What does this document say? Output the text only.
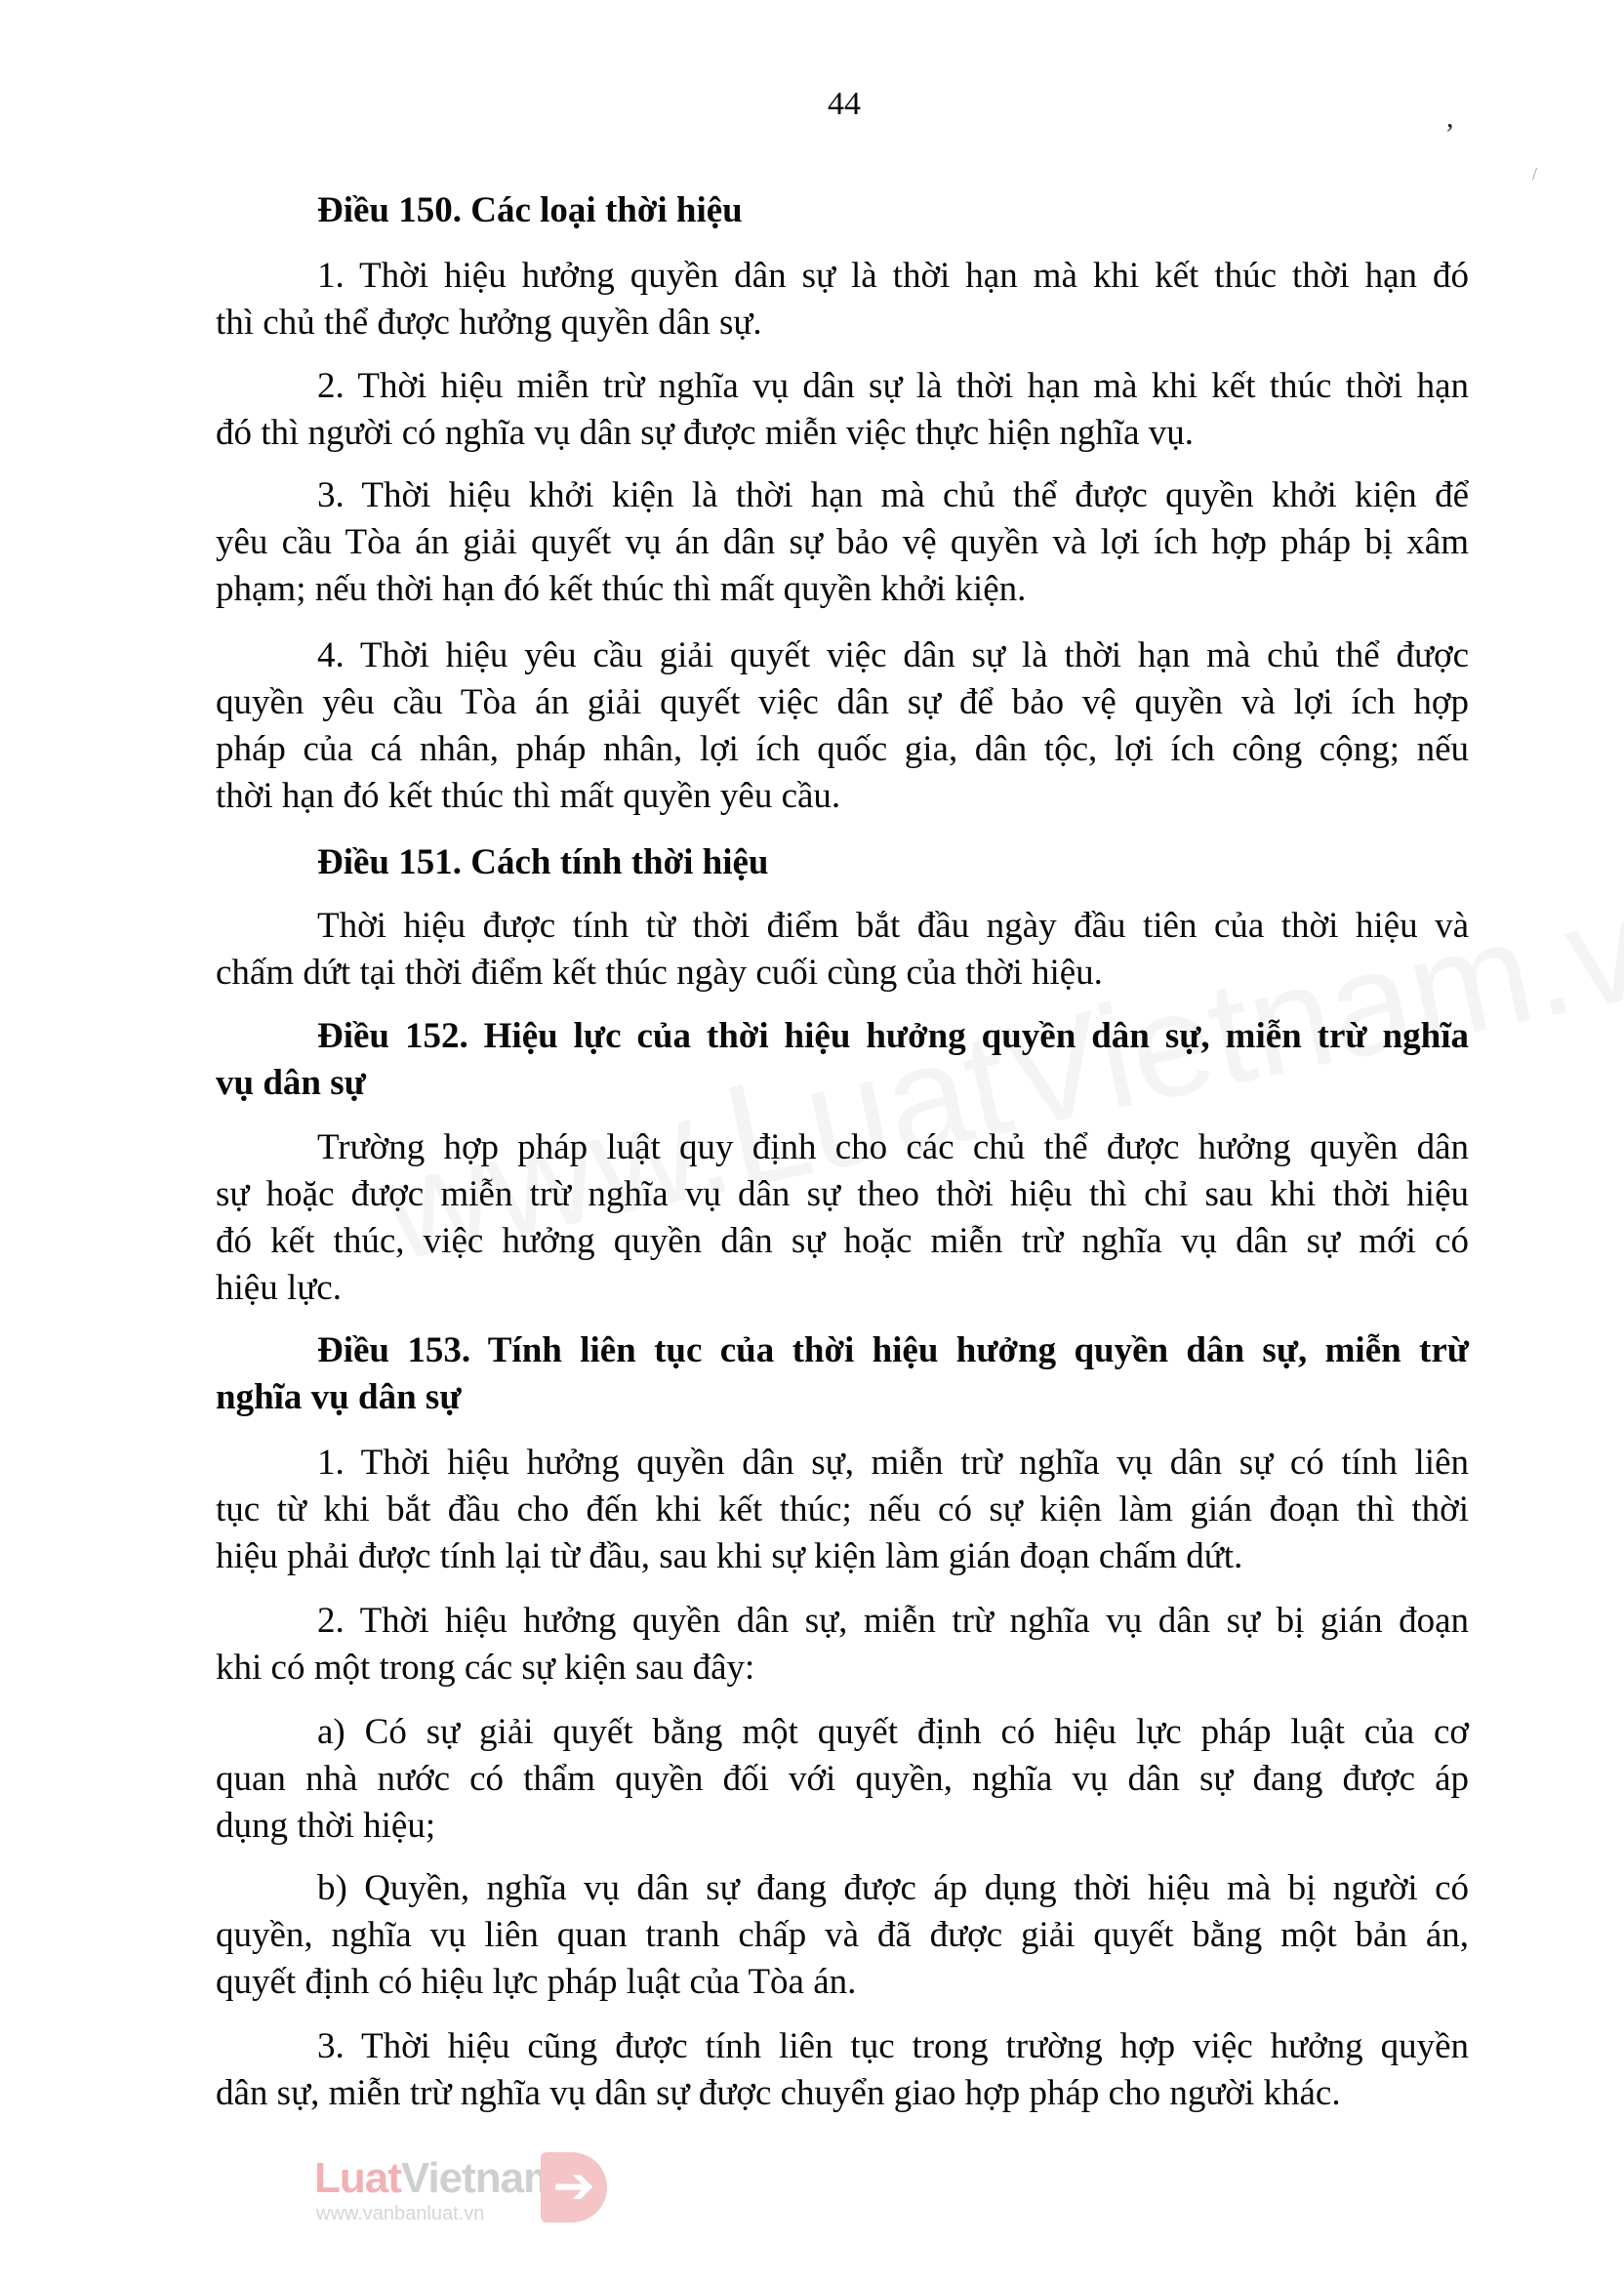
44	,
/
Điều 150. Các loại thời hiệu
1. Thời hiệu hưởng quyền dân sự là thời hạn mà khi kết thúc thời hạn đó
thì chủ thể được hưởng quyền dân sự.
2. Thời hiệu miễn trừ nghĩa vụ dân sự là thời hạn mà khi kết thúc thời hạn
đó thì người có nghĩa vụ dân sự được miễn việc thực hiện nghĩa vụ.
3. Thời hiệu khởi kiện là thời hạn mà chủ thể được quyền khởi kiện để
yêu cầu Tòa án giải quyết vụ án dân sự bảo vệ quyền và lợi ích hợp pháp bị xâm
phạm; nếu thời hạn đó kết thúc thì mất quyền khởi kiện.
4. Thời hiệu yêu cầu giải quyết việc dân sự là thời hạn mà chủ thể được
quyền yêu cầu Tòa án giải quyết việc dân sự để bảo vệ quyền và lợi ích hợp
pháp của cá nhân, pháp nhân, lợi ích quốc gia, dân tộc, lợi ích công cộng; nếu
thời hạn đó kết thúc thì mất quyền yêu cầu.
Điều 151. Cách tính thời hiệu
Thời hiệu được tính từ thời điểm bắt đầu ngày đầu tiên của thời hiệu và
chấm dứt tại thời điểm kết thúc ngày cuối cùng của thời hiệu.
Điều 152. Hiệu lực của thời hiệu hưởng quyền dân sự, miễn trừ nghĩa
vụ dân sự
Trường hợp pháp luật quy định cho các chủ thể được hưởng quyền dân
sự hoặc được miễn trừ nghĩa vụ dân sự theo thời hiệu thì chỉ sau khi thời hiệu
đó kết thúc, việc hưởng quyền dân sự hoặc miễn trừ nghĩa vụ dân sự mới có
hiệu lực.
Điều 153. Tính liên tục của thời hiệu hưởng quyền dân sự, miễn trừ
nghĩa vụ dân sự
1. Thời hiệu hưởng quyền dân sự, miễn trừ nghĩa vụ dân sự có tính liên
tục từ khi bắt đầu cho đến khi kết thúc; nếu có sự kiện làm gián đoạn thì thời
hiệu phải được tính lại từ đầu, sau khi sự kiện làm gián đoạn chấm dứt.
2. Thời hiệu hưởng quyền dân sự, miễn trừ nghĩa vụ dân sự bị gián đoạn
khi có một trong các sự kiện sau đây:
a) Có sự giải quyết bằng một quyết định có hiệu lực pháp luật của cơ
quan nhà nước có thẩm quyền đối với quyền, nghĩa vụ dân sự đang được áp
dụng thời hiệu;
b) Quyền, nghĩa vụ dân sự đang được áp dụng thời hiệu mà bị người có
quyền, nghĩa vụ liên quan tranh chấp và đã được giải quyết bằng một bản án,
quyết định có hiệu lực pháp luật của Tòa án.
3. Thời hiệu cũng được tính liên tục trong trường hợp việc hưởng quyền
dân sự, miễn trừ nghĩa vụ dân sự được chuyển giao hợp pháp cho người khác.
LuatVietnam
www.vanbanluat.vn ➔
